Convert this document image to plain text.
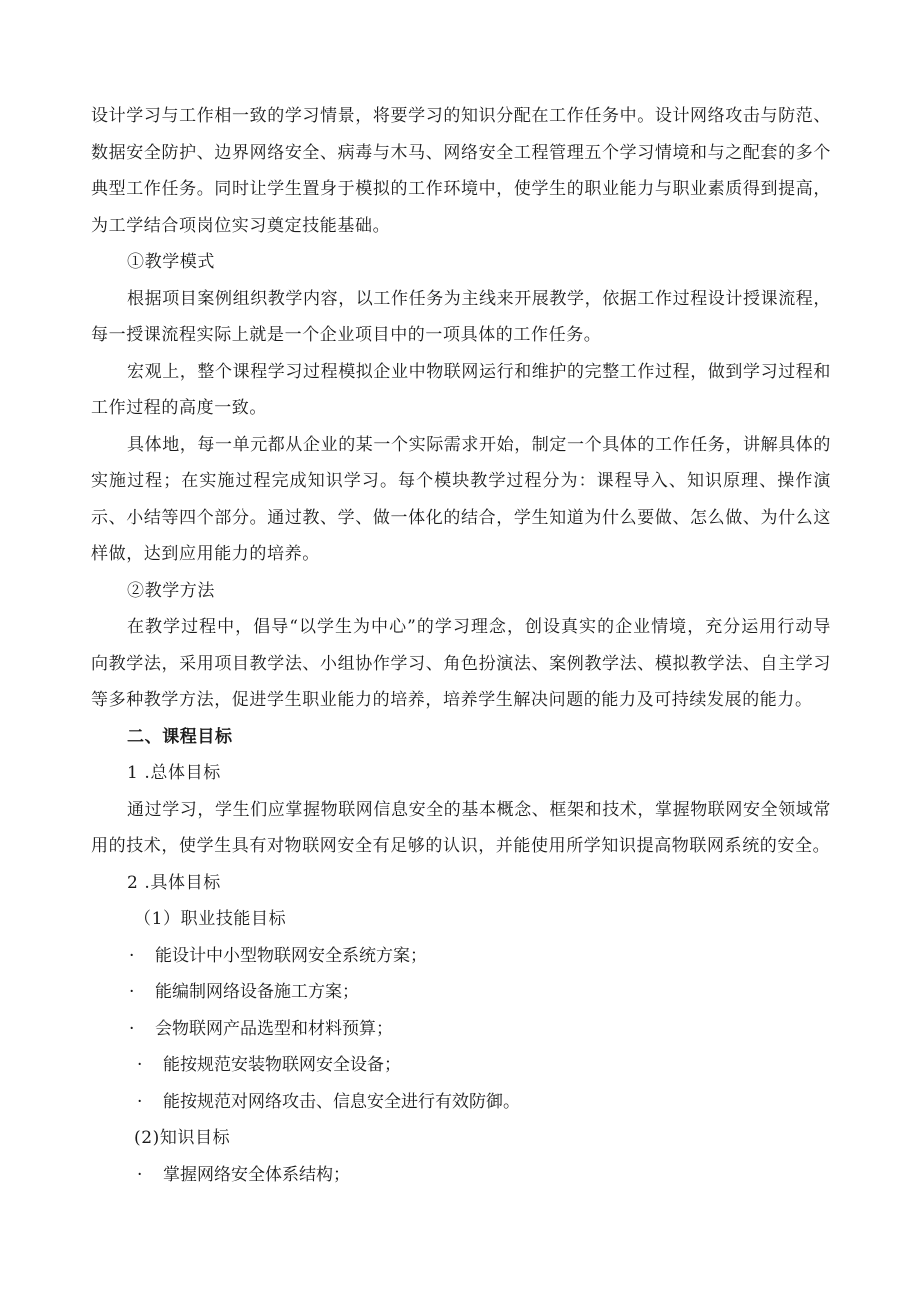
设计学习与工作相一致的学习情景，将要学习的知识分配在工作任务中。设计网络攻击与防范、数据安全防护、边界网络安全、病毒与木马、网络安全工程管理五个学习情境和与之配套的多个典型工作任务。同时让学生置身于模拟的工作环境中，使学生的职业能力与职业素质得到提高，为工学结合项岗位实习奠定技能基础。

①教学模式

根据项目案例组织教学内容，以工作任务为主线来开展教学，依据工作过程设计授课流程，每一授课流程实际上就是一个企业项目中的一项具体的工作任务。

宏观上，整个课程学习过程模拟企业中物联网运行和维护的完整工作过程，做到学习过程和工作过程的高度一致。

具体地，每一单元都从企业的某一个实际需求开始，制定一个具体的工作任务，讲解具体的实施过程；在实施过程完成知识学习。每个模块教学过程分为：课程导入、知识原理、操作演示、小结等四个部分。通过教、学、做一体化的结合，学生知道为什么要做、怎么做、为什么这样做，达到应用能力的培养。

②教学方法

在教学过程中，倡导“以学生为中心”的学习理念，创设真实的企业情境，充分运用行动导向教学法，采用项目教学法、小组协作学习、角色扮演法、案例教学法、模拟教学法、自主学习等多种教学方法，促进学生职业能力的培养，培养学生解决问题的能力及可持续发展的能力。

二、课程目标

1 .总体目标

通过学习，学生们应掌握物联网信息安全的基本概念、框架和技术，掌握物联网安全领域常用的技术，使学生具有对物联网安全有足够的认识，并能使用所学知识提高物联网系统的安全。

2 .具体目标

（1）职业技能目标

·	能设计中小型物联网安全系统方案；
·	能编制网络设备施工方案；
·	会物联网产品选型和材料预算；
·	能按规范安装物联网安全设备；
·	能按规范对网络攻击、信息安全进行有效防御。

(2)知识目标

·	掌握网络安全体系结构；
